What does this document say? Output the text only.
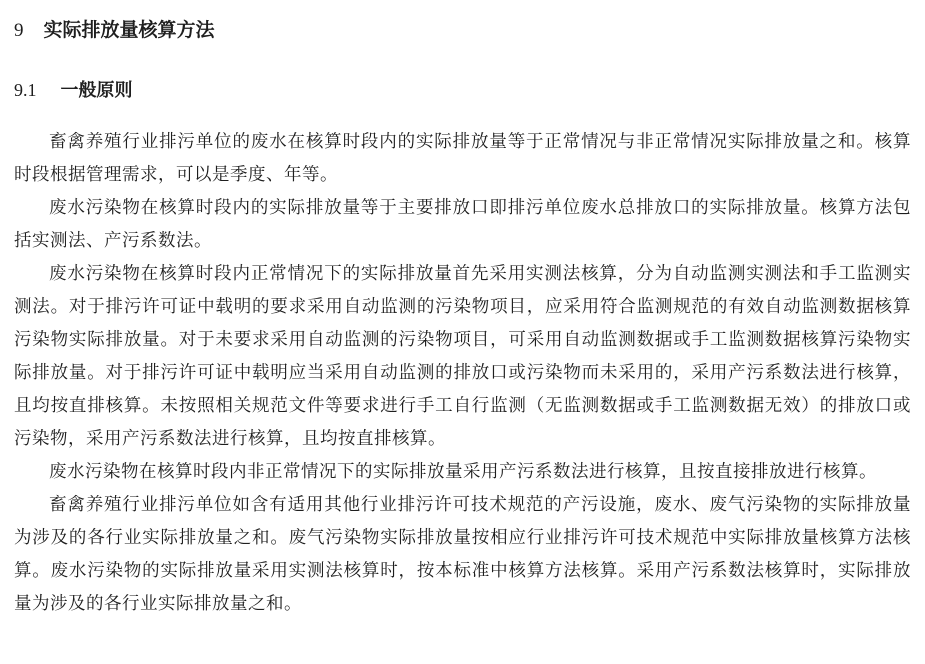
9 实际排放量核算方法
9.1 一般原则

畜禽养殖行业排污单位的废水在核算时段内的实际排放量等于正常情况与非正常情况实际排放量之和。核算时段根据管理需求，可以是季度、年等。

废水污染物在核算时段内的实际排放量等于主要排放口即排污单位废水总排放口的实际排放量。核算方法包括实测法、产污系数法。

废水污染物在核算时段内正常情况下的实际排放量首先采用实测法核算，分为自动监测实测法和手工监测实测法。对于排污许可证中载明的要求采用自动监测的污染物项目，应采用符合监测规范的有效自动监测数据核算污染物实际排放量。对于未要求采用自动监测的污染物项目，可采用自动监测数据或手工监测数据核算污染物实际排放量。对于排污许可证中载明应当采用自动监测的排放口或污染物而未采用的，采用产污系数法进行核算，且均按直排核算。未按照相关规范文件等要求进行手工自行监测（无监测数据或手工监测数据无效）的排放口或污染物，采用产污系数法进行核算，且均按直排核算。

废水污染物在核算时段内非正常情况下的实际排放量采用产污系数法进行核算，且按直接排放进行核算。

畜禽养殖行业排污单位如含有适用其他行业排污许可技术规范的产污设施，废水、废气污染物的实际排放量为涉及的各行业实际排放量之和。废气污染物实际排放量按相应行业排污许可技术规范中实际排放量核算方法核算。废水污染物的实际排放量采用实测法核算时，按本标准中核算方法核算。采用产污系数法核算时，实际排放量为涉及的各行业实际排放量之和。
